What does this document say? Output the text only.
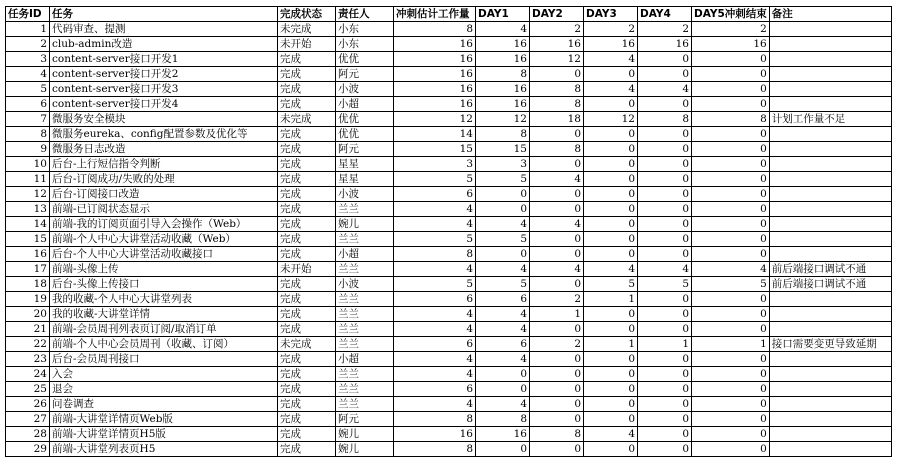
任务ID	任务	完成状态	责任人	冲刺估计工作量	DAY1	DAY2	DAY3	DAY4	DAY5冲刺结束	备注
1	代码审查、提测	未完成	小东	8	4	2	2	2	2	
2	club-admin改造	未开始	小东	16	16	16	16	16	16	
3	content-server接口开发1	完成	优优	16	16	12	4	0	0	
4	content-server接口开发2	完成	阿元	16	8	0	0	0	0	
5	content-server接口开发3	完成	小波	16	16	8	4	4	0	
6	content-server接口开发4	完成	小超	16	16	8	0	0	0	
7	微服务安全模块	未完成	优优	12	12	18	12	8	8	计划工作量不足
8	微服务eureka、config配置参数及优化等	完成	优优	14	8	0	0	0	0	
9	微服务日志改造	完成	阿元	15	15	8	0	0	0	
10	后台-上行短信指令判断	完成	星星	3	3	0	0	0	0	
11	后台-订阅成功/失败的处理	完成	星星	5	5	4	0	0	0	
12	后台-订阅接口改造	完成	小波	6	0	0	0	0	0	
13	前端-已订阅状态显示	完成	兰兰	4	0	0	0	0	0	
14	前端-我的订阅页面引导入会操作（Web）	完成	婉儿	4	4	4	0	0	0	
15	前端-个人中心大讲堂活动收藏（Web）	完成	兰兰	5	5	0	0	0	0	
16	后台-个人中心大讲堂活动收藏接口	完成	小超	8	0	0	0	0	0	
17	前端-头像上传	未开始	兰兰	4	4	4	4	4	4	前后端接口调试不通
18	后台-头像上传接口	完成	小波	5	5	0	5	5	5	前后端接口调试不通
19	我的收藏-个人中心大讲堂列表	完成	兰兰	6	6	2	1	0	0	
20	我的收藏-大讲堂详情	完成	兰兰	4	4	1	0	0	0	
21	前端-会员周刊列表页订阅/取消订单	完成	兰兰	4	4	0	0	0	0	
22	前端-个人中心会员周刊（收藏、订阅）	未完成	兰兰	6	6	2	1	1	1	接口需要变更导致延期
23	后台-会员周刊接口	完成	小超	4	4	0	0	0	0	
24	入会	完成	兰兰	4	0	0	0	0	0	
25	退会	完成	兰兰	6	0	0	0	0	0	
26	问卷调查	完成	兰兰	4	4	0	0	0	0	
27	前端-大讲堂详情页Web版	完成	阿元	8	8	0	0	0	0	
28	前端-大讲堂详情页H5版	完成	婉儿	16	16	8	4	0	0	
29	前端-大讲堂列表页H5	完成	婉儿	8	0	0	0	0	0	
